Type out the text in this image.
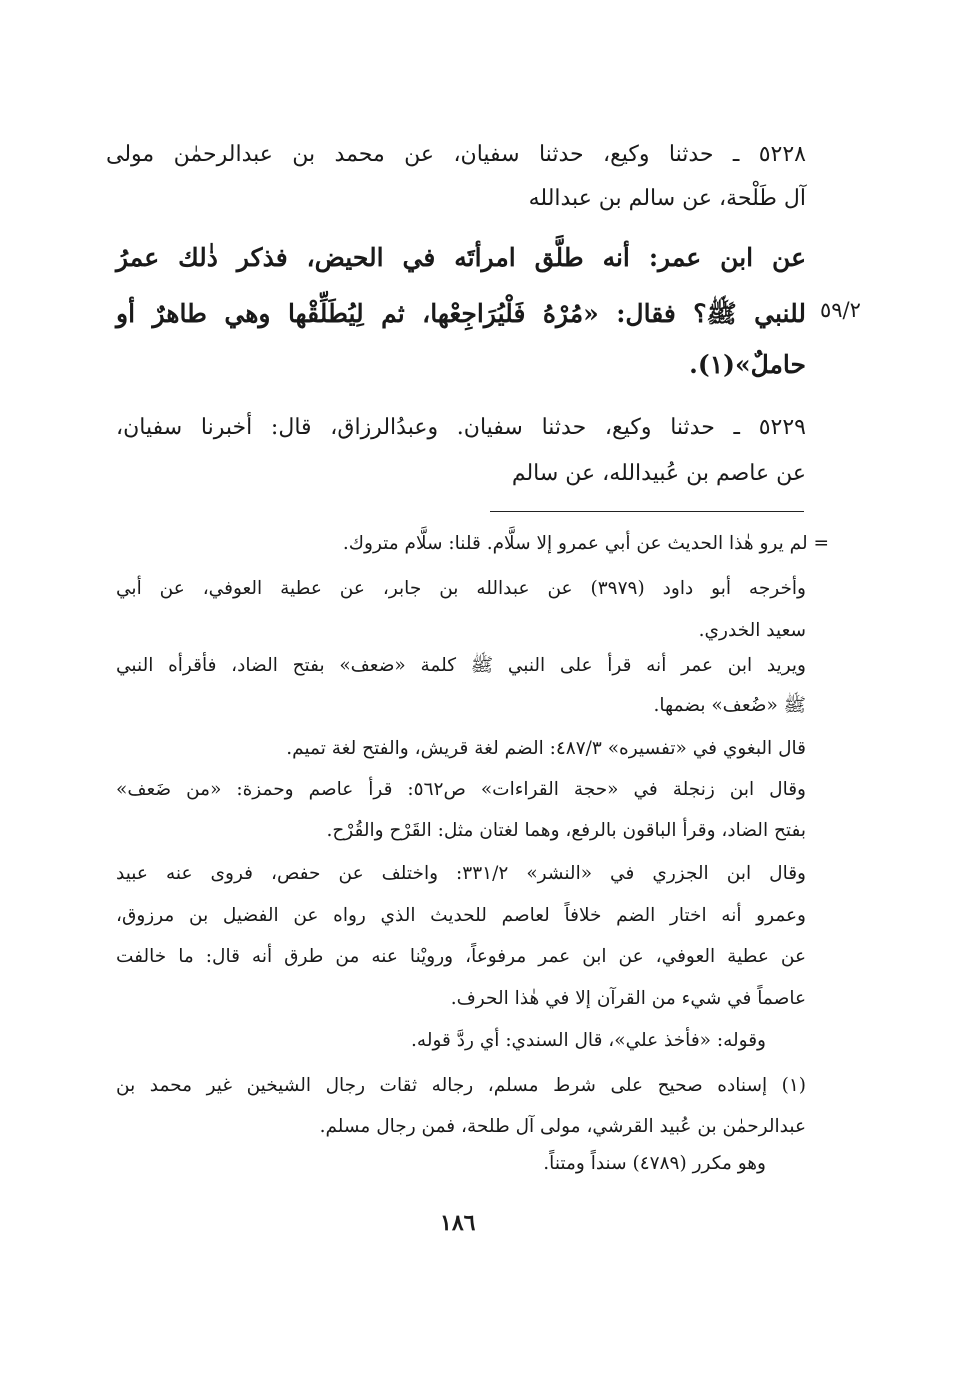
٥٢٢٨ ـ حدثنا وكيع، حدثنا سفيان، عن محمد بن عبدالرحمٰن مولى
آل طَلْحة، عن سالم بن عبدالله
عن ابن عمر: أنه طلَّق امرأتَه في الحيض، فذكر ذٰلك عمرُ
٥٩/٢
للنبي ﷺ؟ فقال: «مُرْهُ فَلْيُرَاجِعْها، ثم لِيُطَلِّقْها وهي طاهرٌ أو
حاملٌ»(١).
٥٢٢٩ ـ حدثنا وكيع، حدثنا سفيان. وعبدُالرزاق، قال: أخبرنا سفيان،
عن عاصم بن عُبيدالله، عن سالم
= لم يرو هٰذا الحديث عن أبي عمرو إلا سلَّام. قلنا: سلَّام متروك.
وأخرجه أبو داود (٣٩٧٩) عن عبدالله بن جابر، عن عطية العوفي، عن أبي
سعيد الخدري.
ويريد ابن عمر أنه قرأ على النبي ﷺ كلمة «ضعف» بفتح الضاد، فأقرأه النبي
ﷺ «ضُعف» بضمها.
قال البغوي في «تفسيره» ٤٨٧/٣: الضم لغة قريش، والفتح لغة تميم.
وقال ابن زنجلة في «حجة القراءات» ص٥٦٢: قرأ عاصم وحمزة: «من ضَعف»
بفتح الضاد، وقرأ الباقون بالرفع، وهما لغتان مثل: القَرْح والقُرْح.
وقال ابن الجزري في «النشر» ٣٣١/٢: واختلف عن حفص، فروى عنه عبيد
وعمرو أنه اختار الضم خلافاً لعاصم للحديث الذي رواه عن الفضيل بن مرزوق،
عن عطية العوفي، عن ابن عمر مرفوعاً، ورويْنا عنه من طرق أنه قال: ما خالفت
عاصماً في شيء من القرآن إلا في هٰذا الحرف.
وقوله: «فأخذ علي»، قال السندي: أي ردَّ قوله.
(١) إسناده صحيح على شرط مسلم، رجاله ثقات رجال الشيخين غير محمد بن
عبدالرحمٰن بن عُبيد القرشي، مولى آل طلحة، فمن رجال مسلم.
وهو مكرر (٤٧٨٩) سنداً ومتناً.
١٨٦
